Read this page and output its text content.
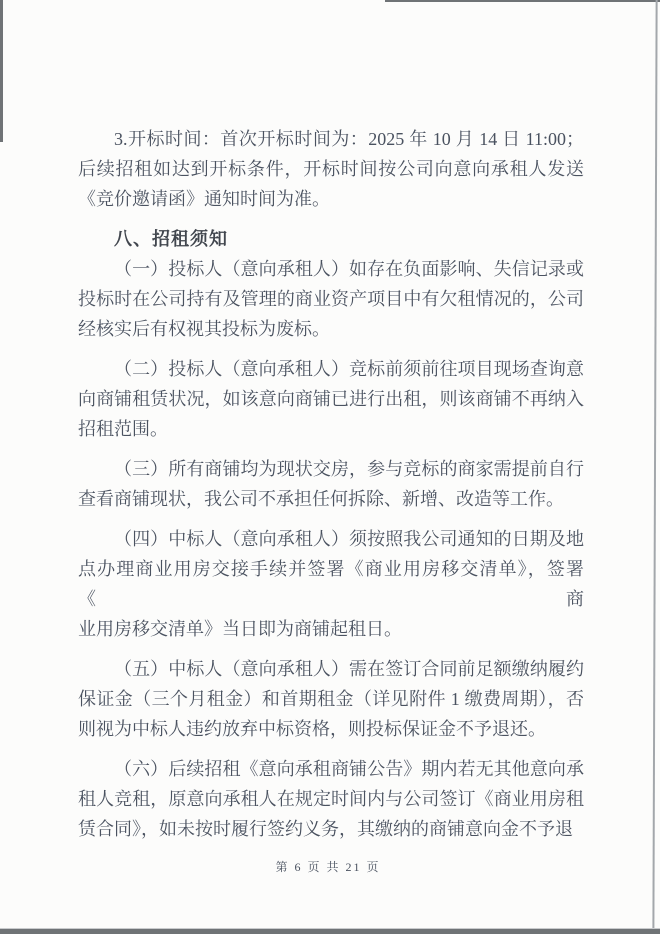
3.开标时间：首次开标时间为：2025 年 10 月 14 日 11:00；
后续招租如达到开标条件，开标时间按公司向意向承租人发送
《竞价邀请函》通知时间为准。
八、招租须知
（一）投标人（意向承租人）如存在负面影响、失信记录或
投标时在公司持有及管理的商业资产项目中有欠租情况的，公司
经核实后有权视其投标为废标。
（二）投标人（意向承租人）竞标前须前往项目现场查询意
向商铺租赁状况，如该意向商铺已进行出租，则该商铺不再纳入
招租范围。
（三）所有商铺均为现状交房，参与竞标的商家需提前自行
查看商铺现状，我公司不承担任何拆除、新增、改造等工作。
（四）中标人（意向承租人）须按照我公司通知的日期及地
点办理商业用房交接手续并签署《商业用房移交清单》，签署《商
业用房移交清单》当日即为商铺起租日。
（五）中标人（意向承租人）需在签订合同前足额缴纳履约
保证金（三个月租金）和首期租金（详见附件 1 缴费周期），否
则视为中标人违约放弃中标资格，则投标保证金不予退还。
（六）后续招租《意向承租商铺公告》期内若无其他意向承
租人竞租，原意向承租人在规定时间内与公司签订《商业用房租
赁合同》，如未按时履行签约义务，其缴纳的商铺意向金不予退
第 6 页 共 21 页
